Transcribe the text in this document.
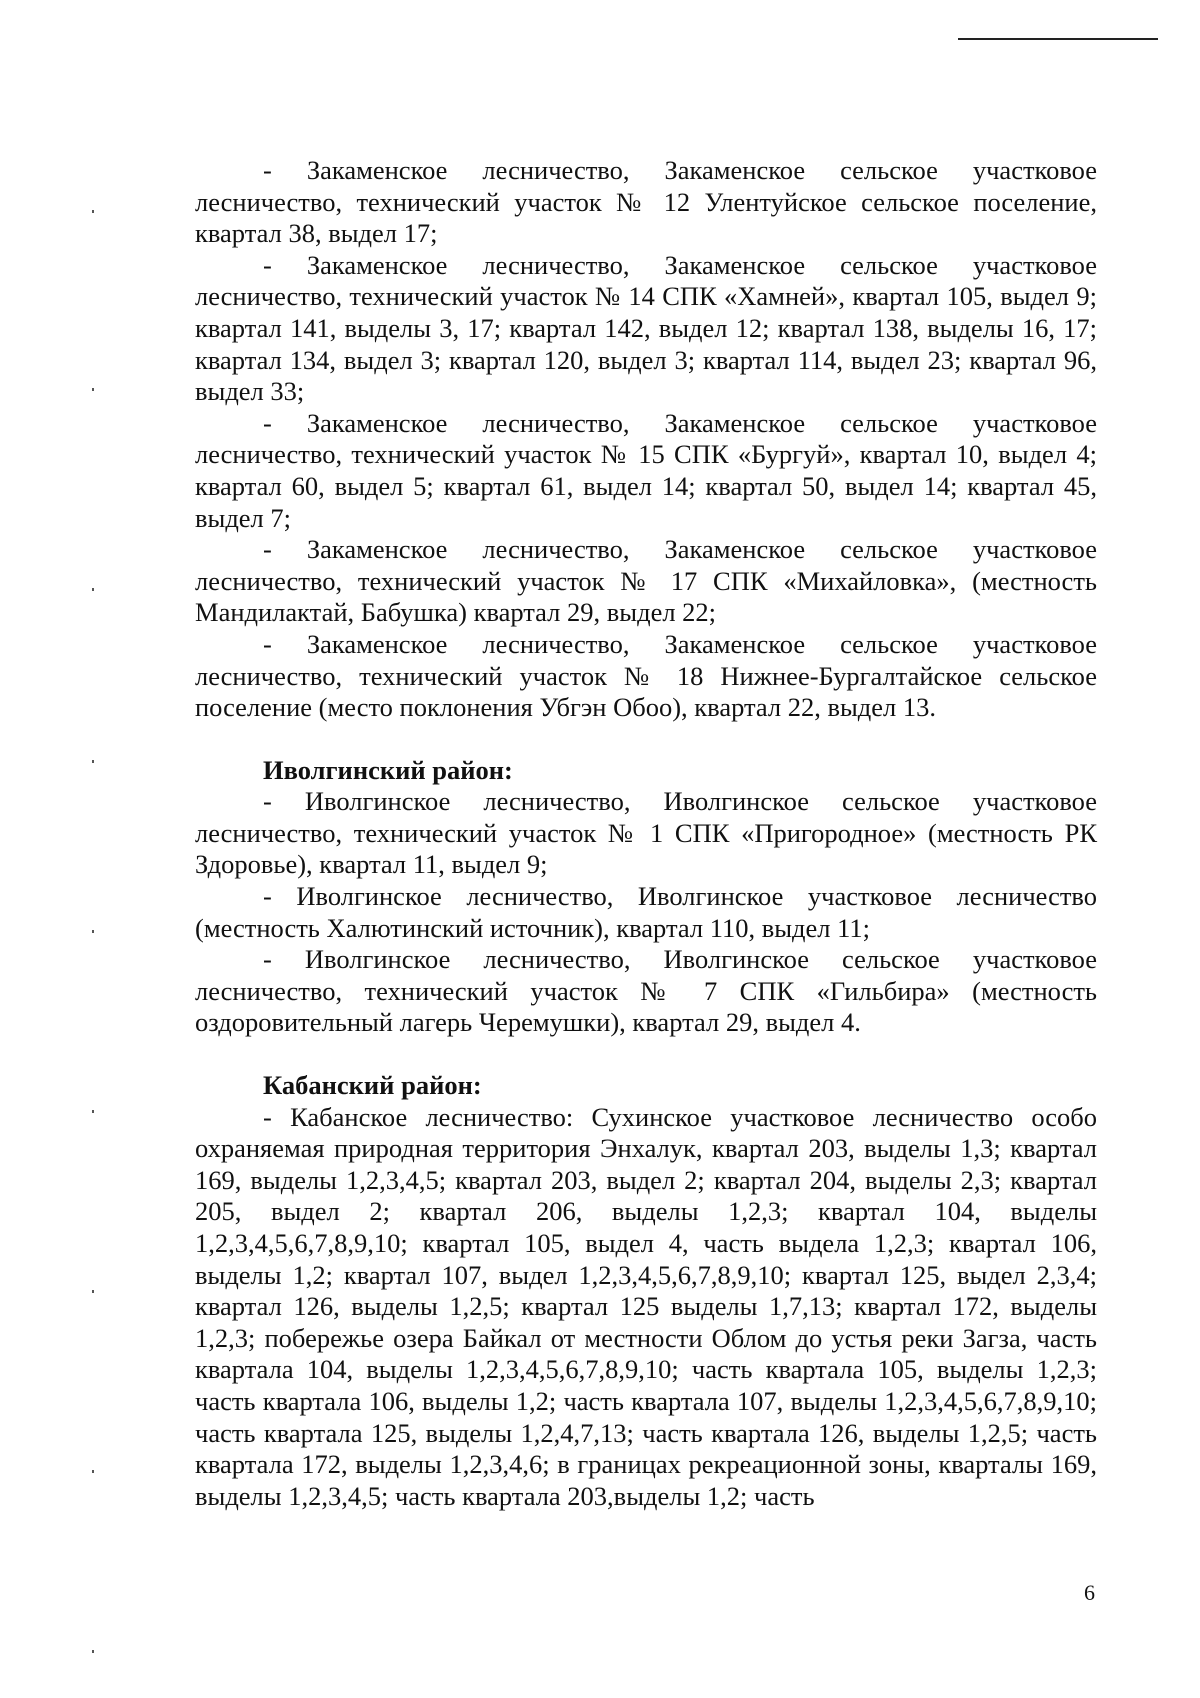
- Закаменское лесничество, Закаменское сельское участковое лесничество, технический участок № 12 Улентуйское сельское поселение, квартал 38, выдел 17;

- Закаменское лесничество, Закаменское сельское участковое лесничество, технический участок № 14 СПК «Хамней», квартал 105, выдел 9; квартал 141, выделы 3, 17; квартал 142, выдел 12; квартал 138, выделы 16, 17; квартал 134, выдел 3; квартал 120, выдел 3; квартал 114, выдел 23; квартал 96, выдел 33;

- Закаменское лесничество, Закаменское сельское участковое лесничество, технический участок № 15 СПК «Бургуй», квартал 10, выдел 4; квартал 60, выдел 5; квартал 61, выдел 14; квартал 50, выдел 14; квартал 45, выдел 7;

- Закаменское лесничество, Закаменское сельское участковое лесничество, технический участок № 17 СПК «Михайловка», (местность Мандилактай, Бабушка) квартал 29, выдел 22;

- Закаменское лесничество, Закаменское сельское участковое лесничество, технический участок № 18 Нижнее-Бургалтайское сельское поселение (место поклонения Убгэн Обоо), квартал 22, выдел 13.

Иволгинский район:

- Иволгинское лесничество, Иволгинское сельское участковое лесничество, технический участок № 1 СПК «Пригородное» (местность РК Здоровье), квартал 11, выдел 9;

- Иволгинское лесничество, Иволгинское участковое лесничество (местность Халютинский источник), квартал 110, выдел 11;

- Иволгинское лесничество, Иволгинское сельское участковое лесничество, технический участок № 7 СПК «Гильбира» (местность оздоровительный лагерь Черемушки), квартал 29, выдел 4.

Кабанский район:

- Кабанское лесничество: Сухинское участковое лесничество особо охраняемая природная территория Энхалук, квартал 203, выделы 1,3; квартал 169, выделы 1,2,3,4,5; квартал 203, выдел 2; квартал 204, выделы 2,3; квартал 205, выдел 2; квартал 206, выделы 1,2,3; квартал 104, выделы 1,2,3,4,5,6,7,8,9,10; квартал 105, выдел 4, часть выдела 1,2,3; квартал 106, выделы 1,2; квартал 107, выдел 1,2,3,4,5,6,7,8,9,10; квартал 125, выдел 2,3,4; квартал 126, выделы 1,2,5; квартал 125 выделы 1,7,13; квартал 172, выделы 1,2,3; побережье озера Байкал от местности Облом до устья реки Загза, часть квартала 104, выделы 1,2,3,4,5,6,7,8,9,10; часть квартала 105, выделы 1,2,3; часть квартала 106, выделы 1,2; часть квартала 107, выделы 1,2,3,4,5,6,7,8,9,10; часть квартала 125, выделы 1,2,4,7,13; часть квартала 126, выделы 1,2,5; часть квартала 172, выделы 1,2,3,4,6; в границах рекреационной зоны, кварталы 169, выделы 1,2,3,4,5; часть квартала 203,выделы 1,2; часть

6
